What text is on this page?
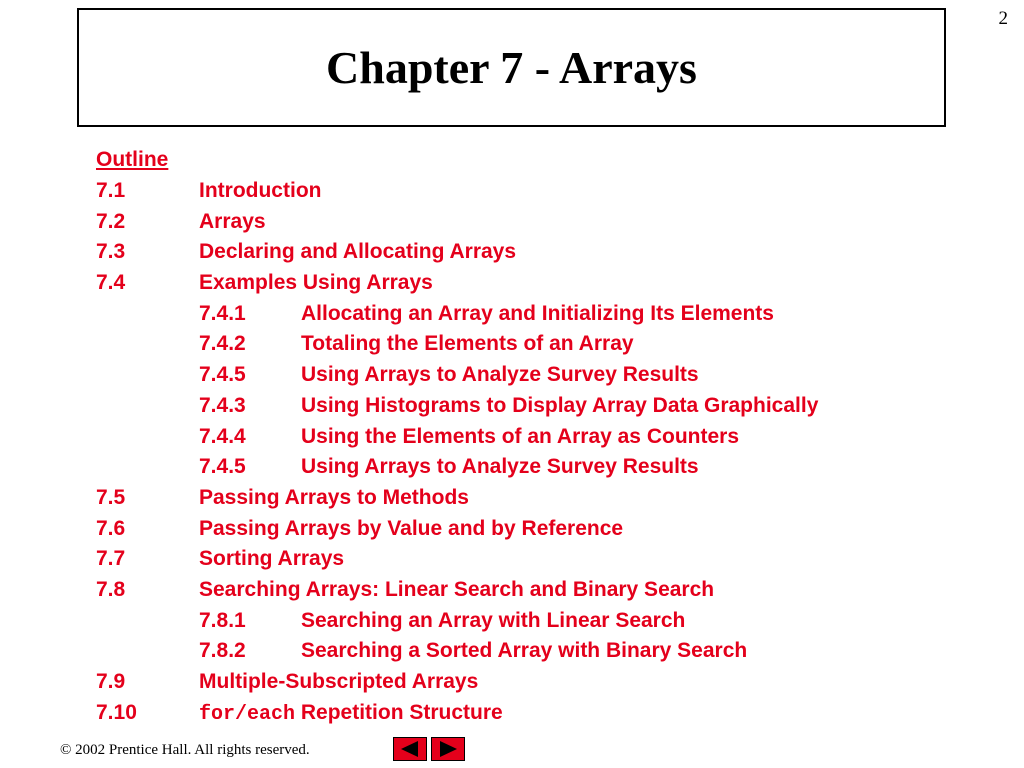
2
Chapter 7 - Arrays
Outline
7.1	Introduction
7.2	Arrays
7.3	Declaring and Allocating Arrays
7.4	Examples Using Arrays
7.4.1	Allocating an Array and Initializing Its Elements
7.4.2	Totaling the Elements of an Array
7.4.5	Using Arrays to Analyze Survey Results
7.4.3	Using Histograms to Display Array Data Graphically
7.4.4	Using the Elements of an Array as Counters
7.4.5	Using Arrays to Analyze Survey Results
7.5	Passing Arrays to Methods
7.6	Passing Arrays by Value and by Reference
7.7	Sorting Arrays
7.8	Searching Arrays: Linear Search and Binary Search
7.8.1	Searching an Array with Linear Search
7.8.2	Searching a Sorted Array with Binary Search
7.9	Multiple-Subscripted Arrays
7.10	for/each Repetition Structure
© 2002 Prentice Hall. All rights reserved.
